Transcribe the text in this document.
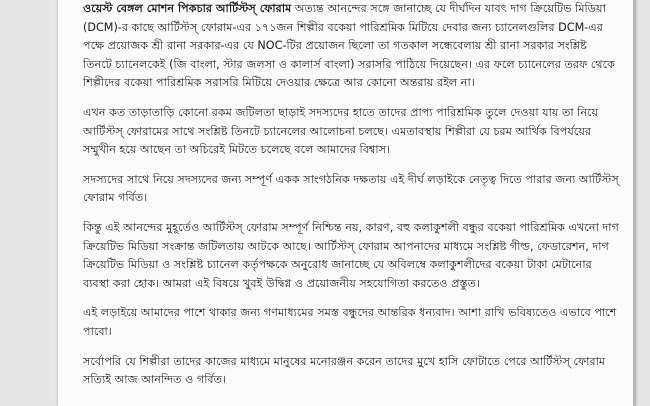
ওয়েস্ট বেঙ্গল মোশন পিকচার আর্টিস্টস্ ফোরাম অত্যন্ত আনন্দের সঙ্গে জানাচ্ছে যে দীর্ঘদিন যাবৎ দাগ ক্রিয়েটিভ মিডিয়া (DCM)-র কাছে আর্টিস্টস্ ফোরাম-এর ১৭১জন শিল্পীর বকেয়া পারিশ্রমিক মিটিয়ে দেবার জন্য চ্যানেলগুলির DCM-এর পক্ষে প্রয়োজক শ্রী রানা সরকার-এর যে NOC-টির প্রয়োজন ছিলো তা গতকাল সন্ধেবেলায় শ্রী রানা সরকার সংশ্লিষ্ট তিনটে চ্যানেলকেই (জি বাংলা, স্টার জলসা ও কালার্স বাংলা) সরাসরি পাঠিয়ে দিয়েছেন। এর ফলে চ্যানেলের তরফ থেকে শিল্পীদের বকেয়া পারিশ্রমিক সরাসরি মিটিয়ে দেওয়ার ক্ষেত্রে আর কোনো অন্তরায় রইল না।

এখন কত তাড়াতাড়ি কোনো রকম জটিলতা ছাড়াই সদস্যদের হাতে তাদের প্রাপ্য পারিশ্রমিক তুলে দেওয়া যায় তা নিয়ে আর্টিস্টস্ ফোরামের সাথে সংশ্লিষ্ট তিনটে চ্যানেলের আলোচনা চলছে। এমতাবস্থায় শিল্পীরা যে চরম আর্থিক বিপর্যয়ের সম্মুখীন হয়ে আছেন তা অচিরেই মিটতে চলেছে বলে আমাদের বিশ্বাস।

সদস্যদের সাথে নিয়ে সদস্যদের জন্য সম্পূর্ণ একক সাংগঠনিক দক্ষতায় এই দীর্ঘ লড়াইকে নেতৃত্ব দিতে পারার জন্য আর্টিস্টস্ ফোরাম গর্বিত।

কিন্তু এই আনন্দের মুহূর্তেও আর্টিস্টস্ ফোরাম সম্পূর্ণ নিশ্চিন্ত নয়, কারণ, বহু কলাকুশলী বন্ধুর বকেয়া পারিশ্রমিক এখনো দাগ ক্রিয়েটিভ মিডিয়া সংক্রান্ত জটিলতায় আটকে আছে। আর্টিস্টস্ ফোরাম আপনাদের মাধ্যমে সংশ্লিষ্ট গীল্ড, ফেডারেশন, দাগ ক্রিয়েটিভ মিডিয়া ও সংশ্লিষ্ট চ্যানেল কর্তৃপক্ষকে অনুরোধ জানাচ্ছে যে অবিলম্বে কলাকুশলীদের বকেয়া টাকা মেটানোর ব্যবস্থা করা হোক। আমরা এই বিষয়ে খুবই উদ্বিগ্ন ও প্রয়োজনীয় সহযোগিতা করতেও প্রস্তুত।

এই লড়াইয়ে আমাদের পাশে থাকার জন্য গণমাধ্যমের সমস্ত বন্ধুদের আন্তরিক ধন্যবাদ। আশা রাখি ভবিষ্যতেও এভাবে পাশে পাবো।

সর্বোপরি যে শিল্পীরা তাদের কাজের মাধ্যমে মানুষের মনোরঞ্জন করেন তাদের মুখে হাসি ফোটাতে পেরে আর্টিস্টস্ ফোরাম সত্যিই আজ আনন্দিত ও গর্বিত।
